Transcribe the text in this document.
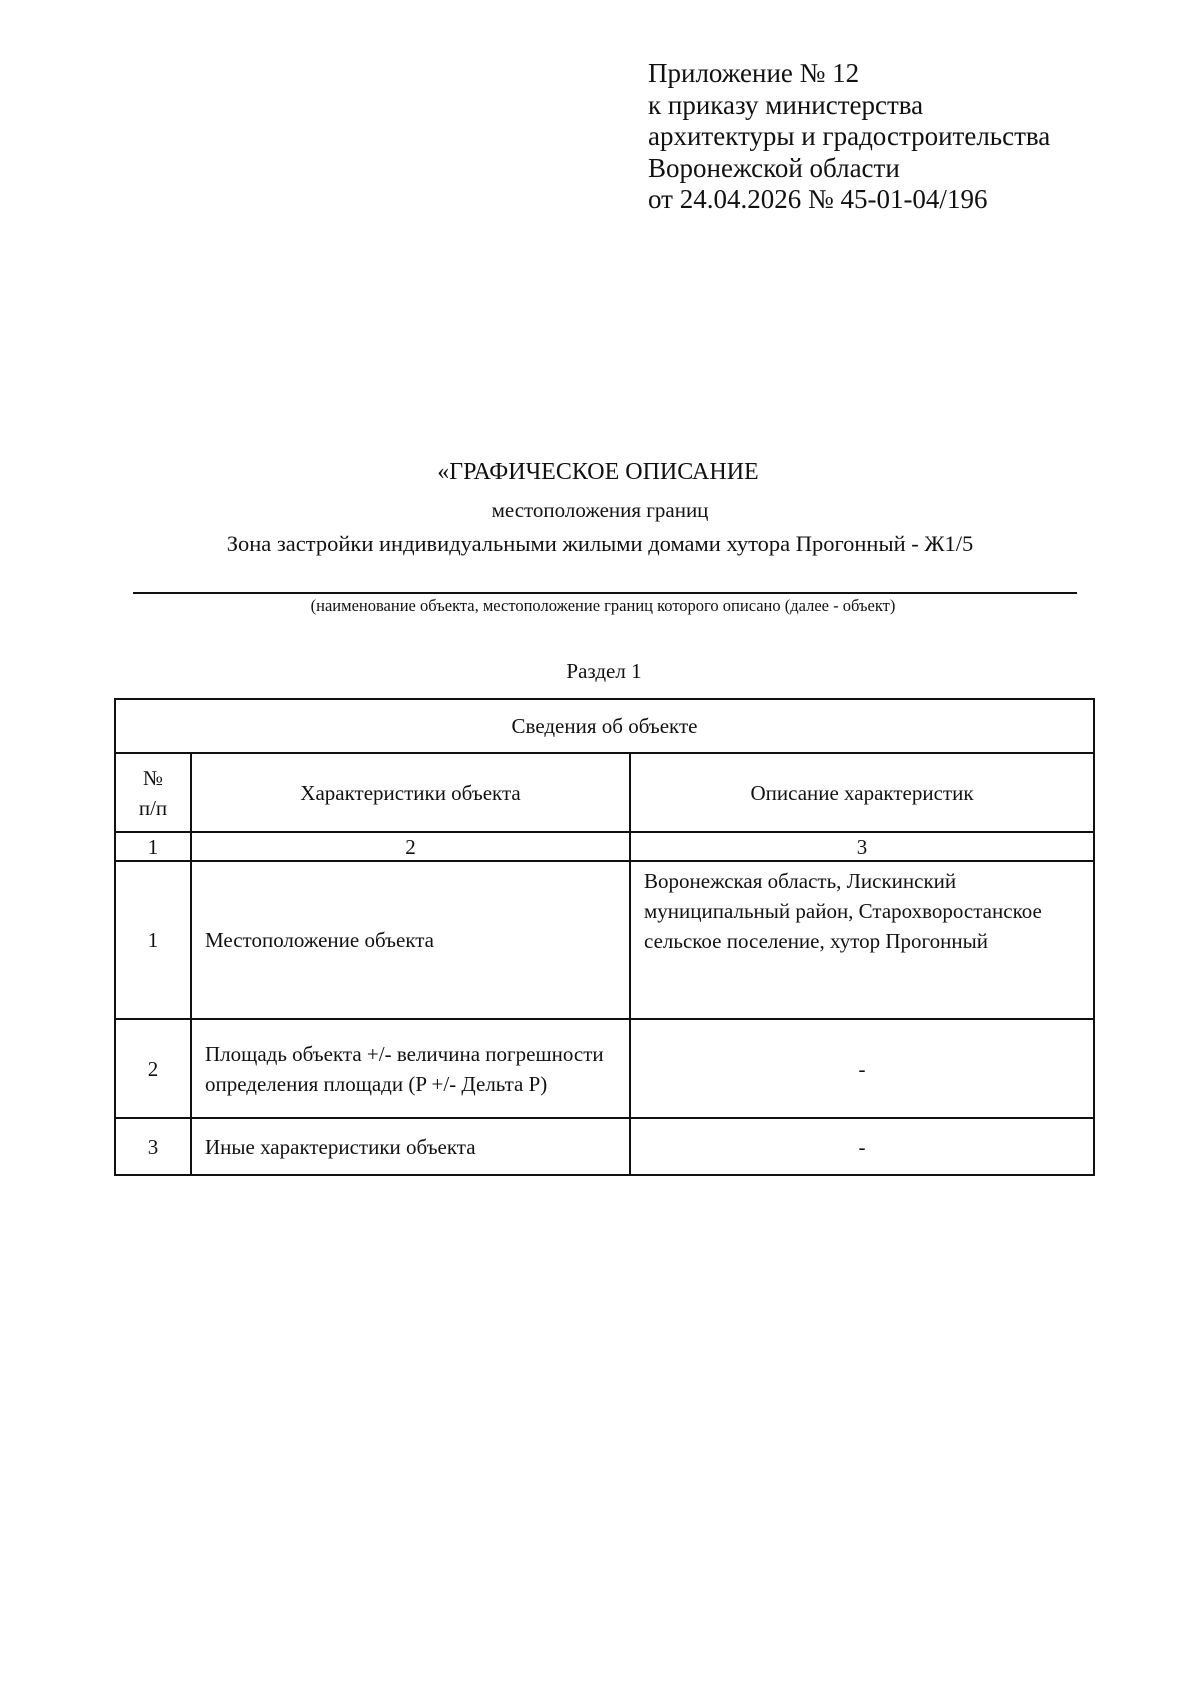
Приложение № 12
к приказу министерства
архитектуры и градостроительства
Воронежской области
от 24.04.2026 № 45-01-04/196
«ГРАФИЧЕСКОЕ ОПИСАНИЕ
местоположения границ
Зона застройки индивидуальными жилыми домами хутора Прогонный - Ж1/5
(наименование объекта, местоположение границ которого описано (далее - объект)
Раздел 1
Сведения об объекте		

№
п/п	Характеристики объекта	Описание характеристик
1	2	3
1	Местоположение объекта	Воронежская область, Лискинский муниципальный район, Старохворостанское сельское поселение, хутор Прогонный
2	Площадь объекта +/- величина погрешности определения площади (P +/- Дельта P)	-
3	Иные характеристики объекта	-
